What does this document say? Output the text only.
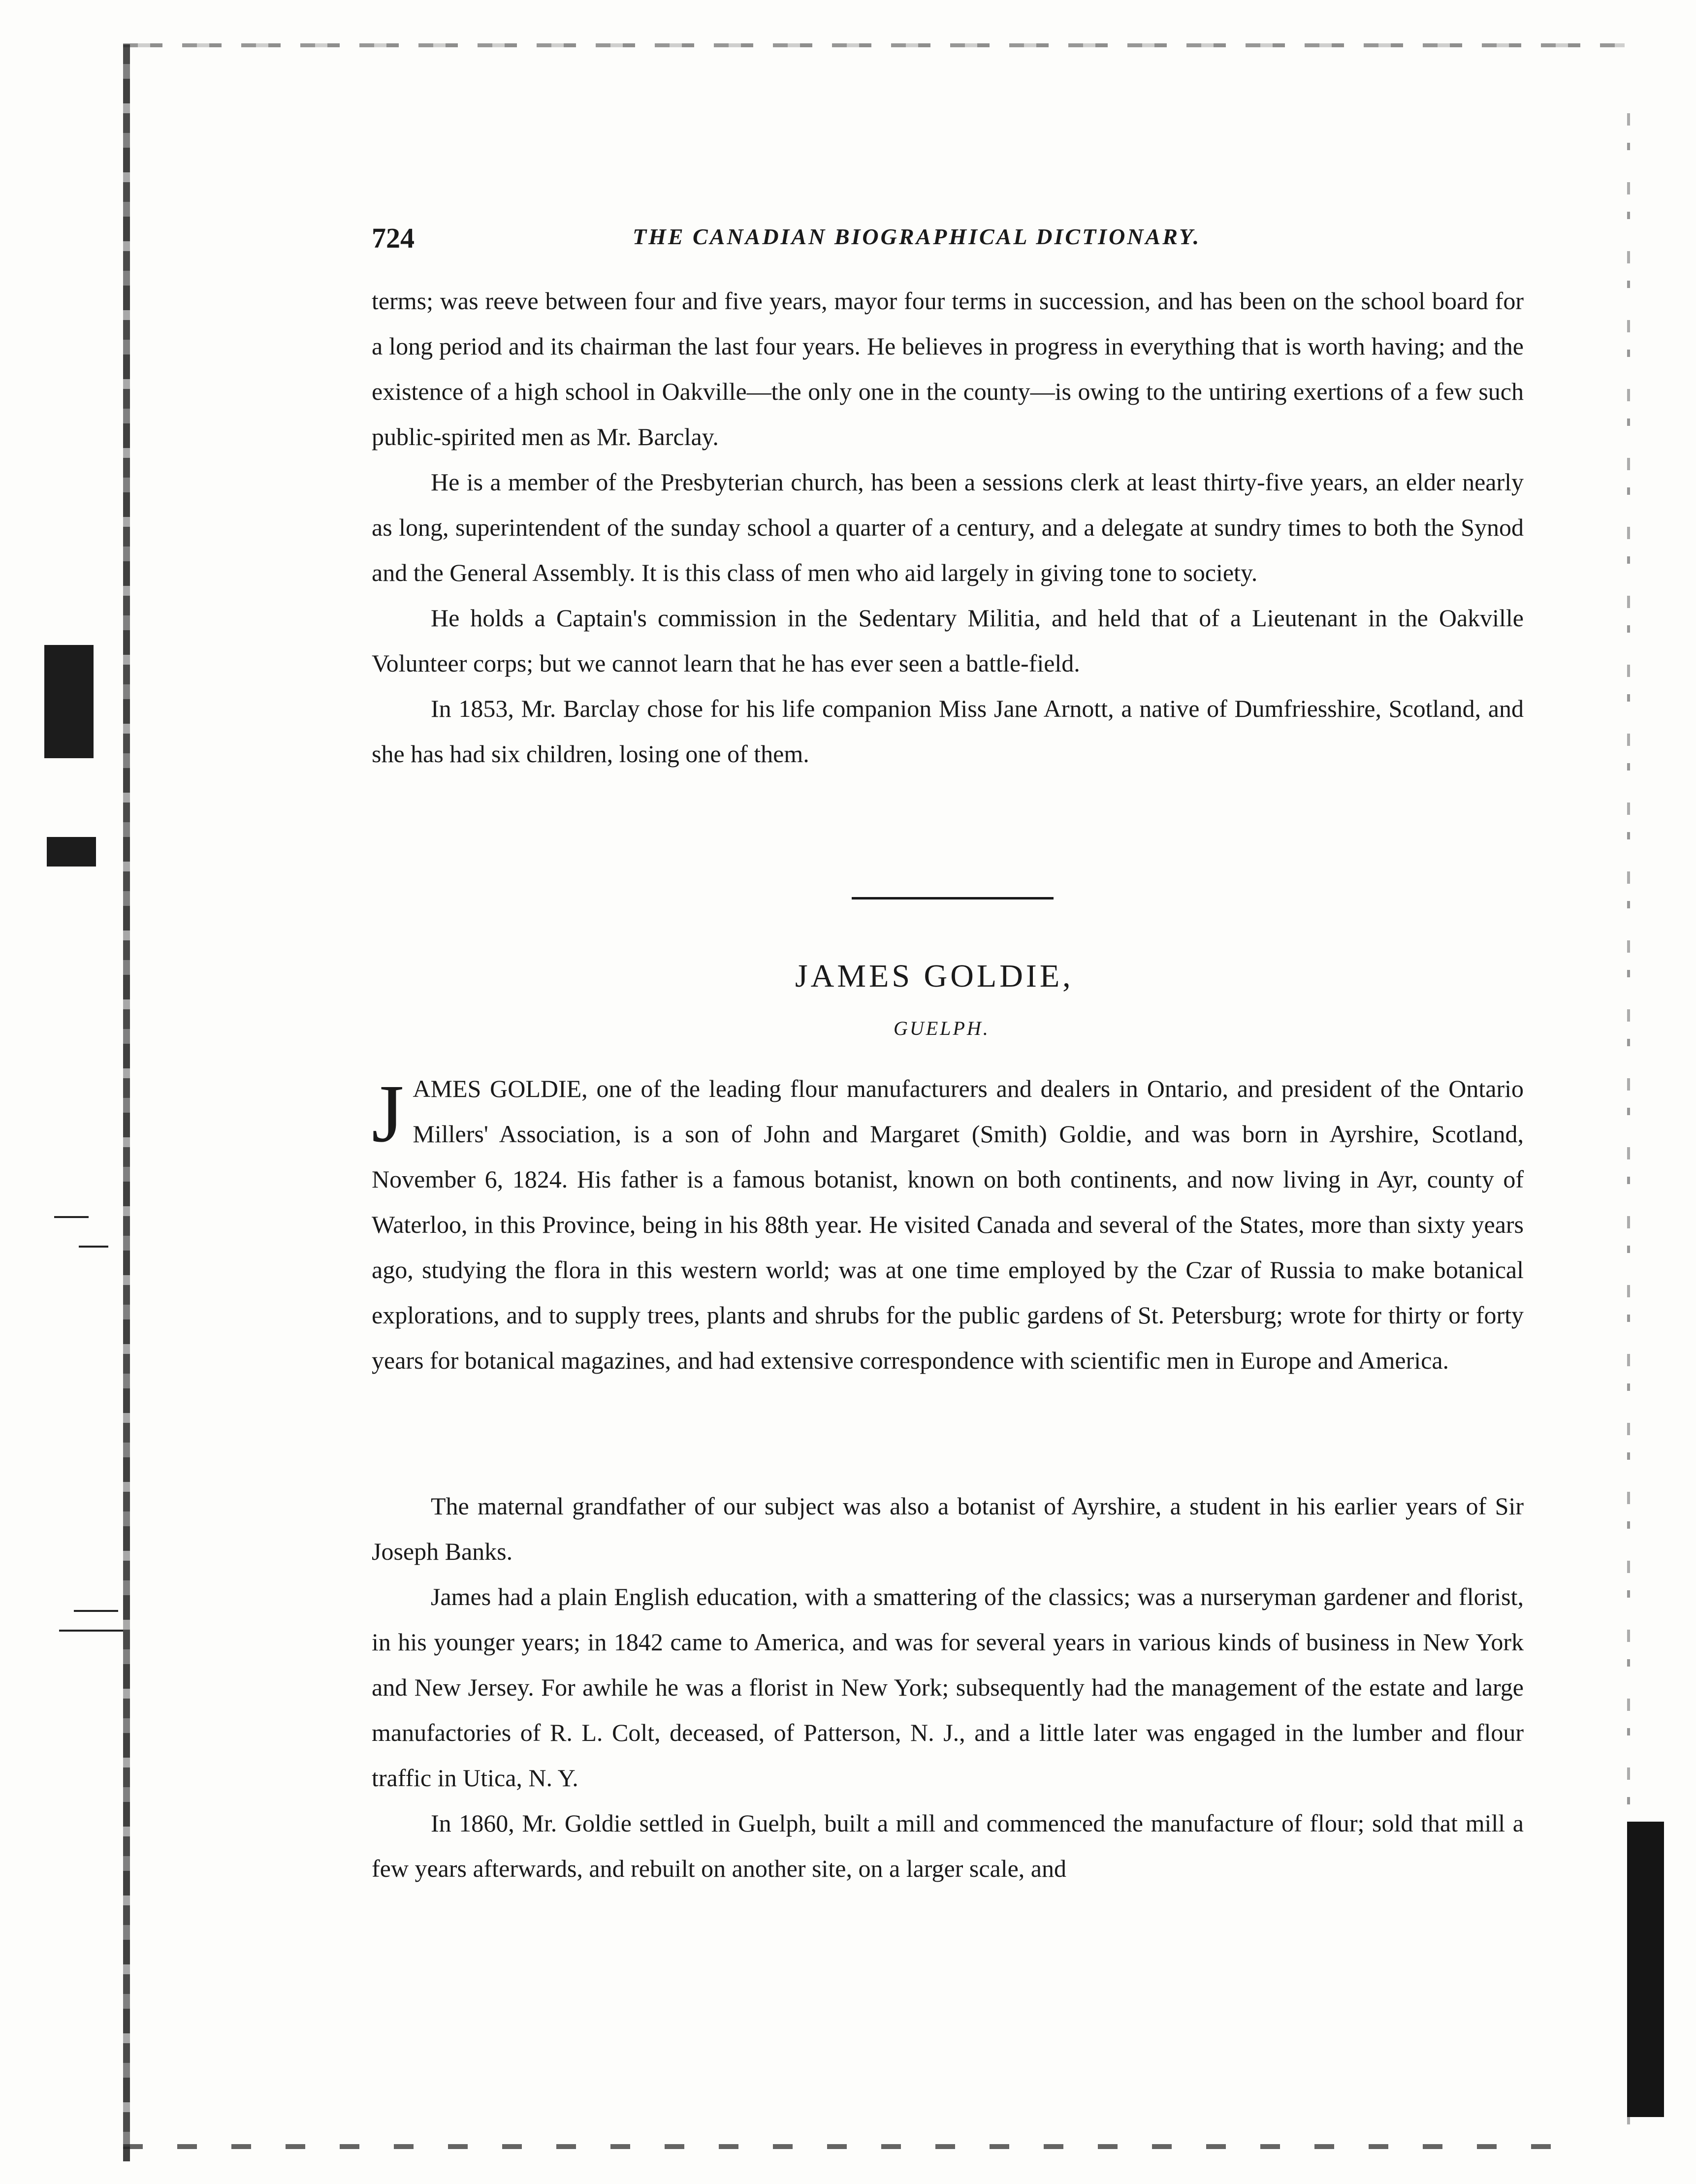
724	THE CANADIAN BIOGRAPHICAL DICTIONARY.

terms; was reeve between four and five years, mayor four terms in succession, and has been on the school board for a long period and its chairman the last four years. He believes in progress in everything that is worth having; and the existence of a high school in Oakville—the only one in the county—is owing to the untiring exertions of a few such public-spirited men as Mr. Barclay.

He is a member of the Presbyterian church, has been a sessions clerk at least thirty-five years, an elder nearly as long, superintendent of the sunday school a quarter of a century, and a delegate at sundry times to both the Synod and the General Assembly. It is this class of men who aid largely in giving tone to society.

He holds a Captain's commission in the Sedentary Militia, and held that of a Lieutenant in the Oakville Volunteer corps; but we cannot learn that he has ever seen a battle-field.

In 1853, Mr. Barclay chose for his life companion Miss Jane Arnott, a native of Dumfriesshire, Scotland, and she has had six children, losing one of them.

JAMES GOLDIE,
GUELPH.
J AMES GOLDIE, one of the leading flour manufacturers and dealers in Ontario, and president of the Ontario Millers' Association, is a son of John and Margaret (Smith) Goldie, and was born in Ayrshire, Scotland, November 6, 1824. His father is a famous botanist, known on both continents, and now living in Ayr, county of Waterloo, in this Province, being in his 88th year. He visited Canada and several of the States, more than sixty years ago, studying the flora in this western world; was at one time employed by the Czar of Russia to make botanical explorations, and to supply trees, plants and shrubs for the public gardens of St. Petersburg; wrote for thirty or forty years for botanical magazines, and had extensive correspondence with scientific men in Europe and America.

The maternal grandfather of our subject was also a botanist of Ayrshire, a student in his earlier years of Sir Joseph Banks.

James had a plain English education, with a smattering of the classics; was a nurseryman gardener and florist, in his younger years; in 1842 came to America, and was for several years in various kinds of business in New York and New Jersey. For awhile he was a florist in New York; subsequently had the management of the estate and large manufactories of R. L. Colt, deceased, of Patterson, N. J., and a little later was engaged in the lumber and flour traffic in Utica, N. Y.

In 1860, Mr. Goldie settled in Guelph, built a mill and commenced the manufacture of flour; sold that mill a few years afterwards, and rebuilt on another site, on a larger scale, and
